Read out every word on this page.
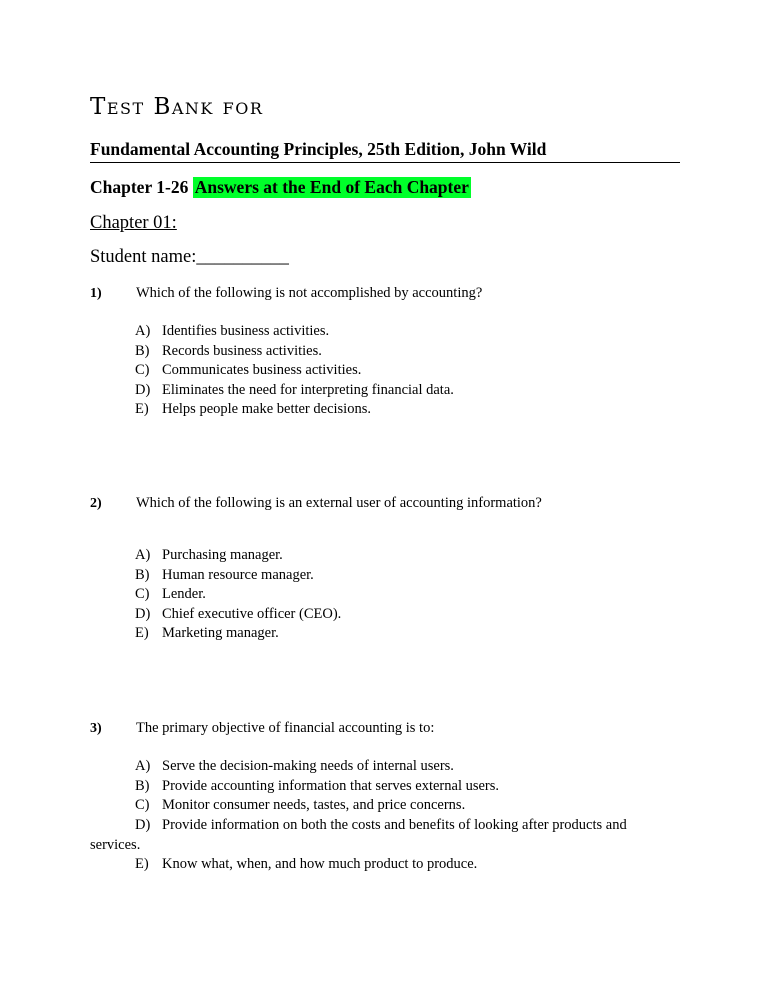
Test Bank for
Fundamental Accounting Principles, 25th Edition, John Wild
Chapter 1-26 Answers at the End of Each Chapter
Chapter 01:
Student name:__________
1) Which of the following is not accomplished by accounting?
A) Identifies business activities.
B) Records business activities.
C) Communicates business activities.
D) Eliminates the need for interpreting financial data.
E) Helps people make better decisions.
2) Which of the following is an external user of accounting information?
A) Purchasing manager.
B) Human resource manager.
C) Lender.
D) Chief executive officer (CEO).
E) Marketing manager.
3) The primary objective of financial accounting is to:
A) Serve the decision-making needs of internal users.
B) Provide accounting information that serves external users.
C) Monitor consumer needs, tastes, and price concerns.
D) Provide information on both the costs and benefits of looking after products and
services.
E) Know what, when, and how much product to produce.
